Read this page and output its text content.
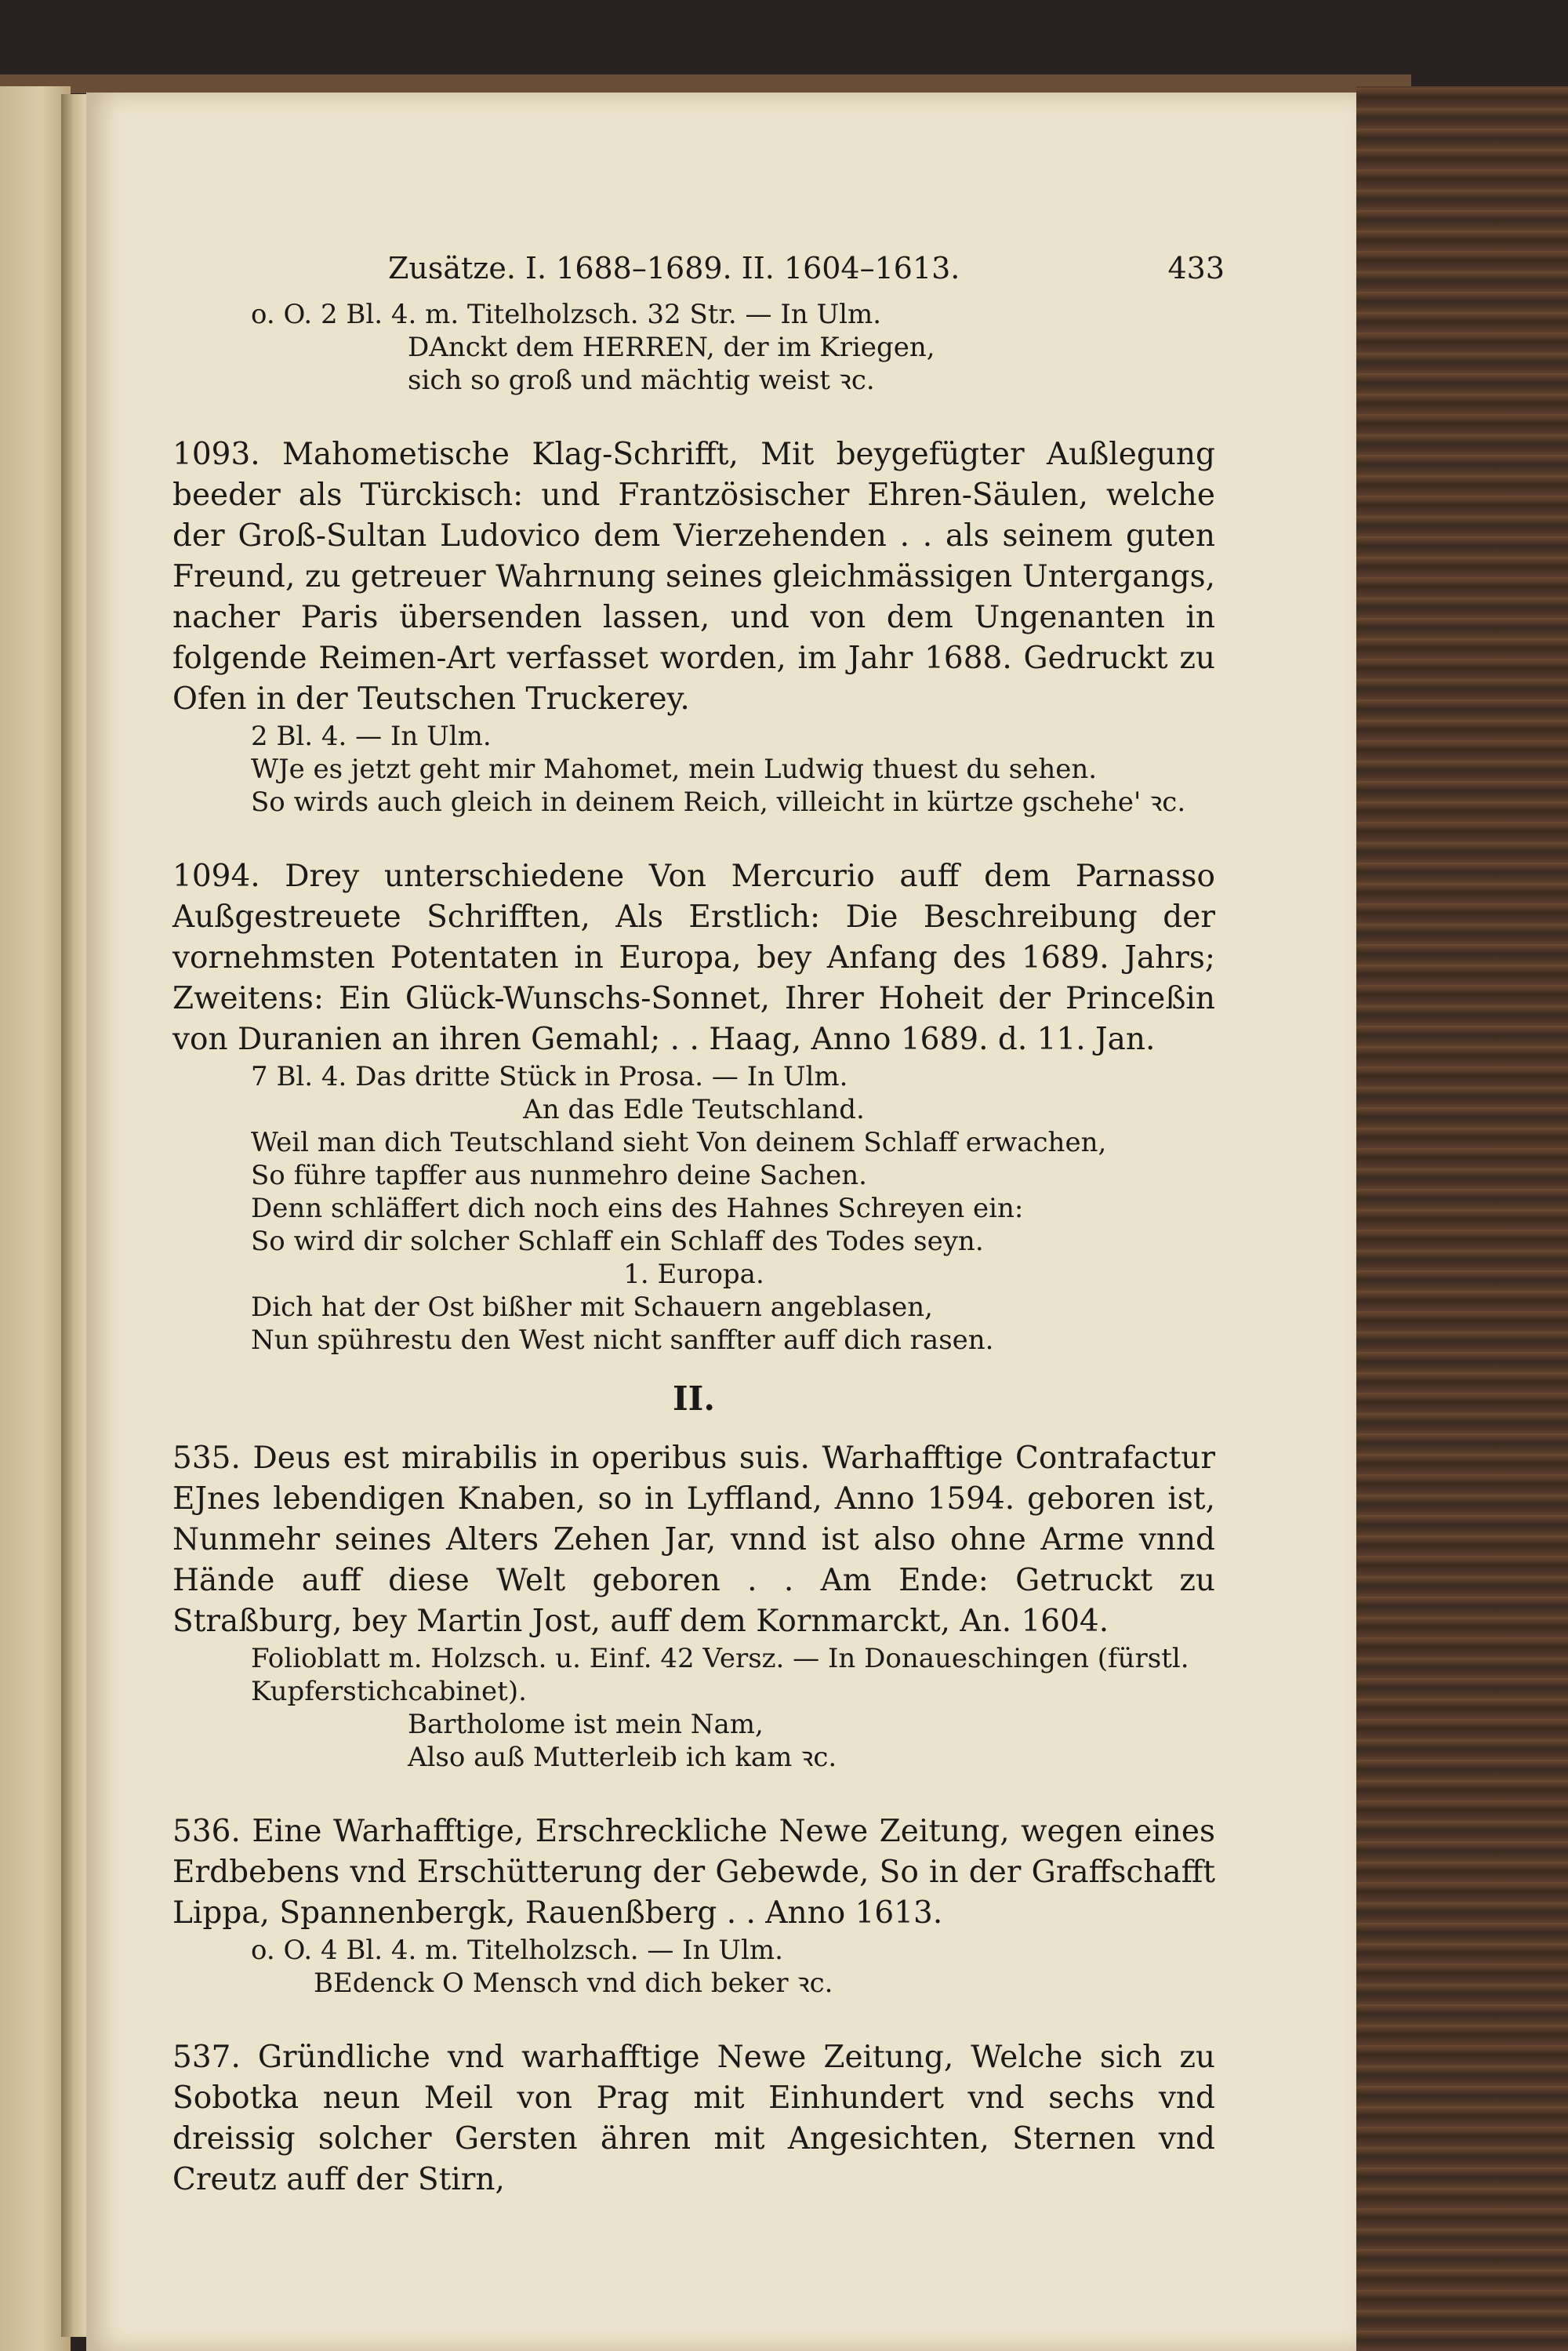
Zusätze. I. 1688–1689. II. 1604–1613.	433
o. O. 2 Bl. 4. m. Titelholzsch. 32 Str. — In Ulm.
DAnckt dem HERREN, der im Kriegen,
sich so groß und mächtig weist ꝛc.
1093. Mahometische Klag-Schrifft, Mit beygefügter Außlegung beeder als Türckisch: und Frantzösischer Ehren-Säulen, welche der Groß-Sultan Ludovico dem Vierzehenden . . als seinem guten Freund, zu getreuer Wahrnung seines gleichmässigen Untergangs, nacher Paris übersenden lassen, und von dem Ungenanten in folgende Reimen-Art verfasset worden, im Jahr 1688. Gedruckt zu Ofen in der Teutschen Truckerey.
2 Bl. 4. — In Ulm.
WJe es jetzt geht mir Mahomet, mein Ludwig thuest du sehen.
So wirds auch gleich in deinem Reich, villeicht in kürtze gschehe' ꝛc.
1094. Drey unterschiedene Von Mercurio auff dem Parnasso Außgestreuete Schrifften, Als Erstlich: Die Beschreibung der vornehmsten Potentaten in Europa, bey Anfang des 1689. Jahrs; Zweitens: Ein Glück-Wunschs-Sonnet, Ihrer Hoheit der Princeßin von Duranien an ihren Gemahl; . . Haag, Anno 1689. d. 11. Jan.
7 Bl. 4. Das dritte Stück in Prosa. — In Ulm.
An das Edle Teutschland.
Weil man dich Teutschland sieht Von deinem Schlaff erwachen,
So führe tapffer aus nunmehro deine Sachen.
Denn schläffert dich noch eins des Hahnes Schreyen ein:
So wird dir solcher Schlaff ein Schlaff des Todes seyn.
1. Europa.
Dich hat der Ost bißher mit Schauern angeblasen,
Nun spührestu den West nicht sanffter auff dich rasen.
II.
535. Deus est mirabilis in operibus suis. Warhafftige Contrafactur EJnes lebendigen Knaben, so in Lyffland, Anno 1594. geboren ist, Nunmehr seines Alters Zehen Jar, vnnd ist also ohne Arme vnnd Hände auff diese Welt geboren . . Am Ende: Getruckt zu Straßburg, bey Martin Jost, auff dem Kornmarckt, An. 1604.
Folioblatt m. Holzsch. u. Einf. 42 Versz. — In Donaueschingen (fürstl. Kupferstichcabinet).
Bartholome ist mein Nam,
Also auß Mutterleib ich kam ꝛc.
536. Eine Warhafftige, Erschreckliche Newe Zeitung, wegen eines Erdbebens vnd Erschütterung der Gebewde, So in der Graffschafft Lippa, Spannenbergk, Rauenßberg . . Anno 1613.
o. O. 4 Bl. 4. m. Titelholzsch. — In Ulm.
BEdenck O Mensch vnd dich beker ꝛc.
537. Gründliche vnd warhafftige Newe Zeitung, Welche sich zu Sobotka neun Meil von Prag mit Einhundert vnd sechs vnd dreissig solcher Gersten ähren mit Angesichten, Sternen vnd Creutz auff der Stirn,
